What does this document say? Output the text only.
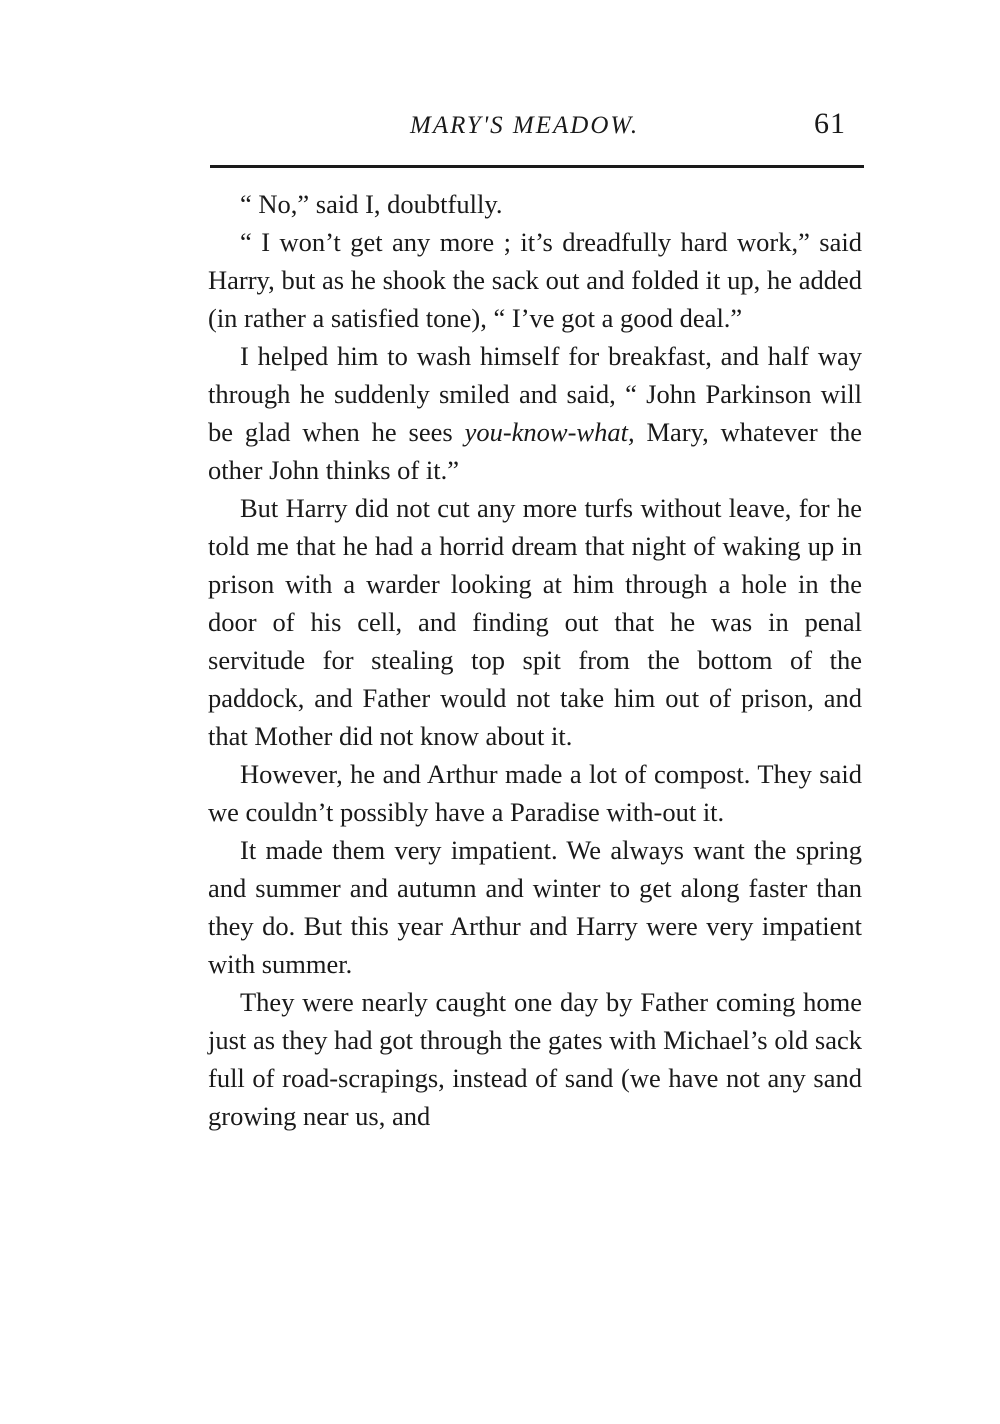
MARY'S MEADOW.	61

“ No,” said I, doubtfully.

“ I won’t get any more ; it’s dreadfully hard work,” said Harry, but as he shook the sack out and folded it up, he added (in rather a satisfied tone), “ I’ve got a good deal.”

I helped him to wash himself for breakfast, and half way through he suddenly smiled and said, “ John Parkinson will be glad when he sees you-know-what, Mary, whatever the other John thinks of it.”

But Harry did not cut any more turfs without leave, for he told me that he had a horrid dream that night of waking up in prison with a warder looking at him through a hole in the door of his cell, and finding out that he was in penal servitude for stealing top spit from the bottom of the paddock, and Father would not take him out of prison, and that Mother did not know about it.

However, he and Arthur made a lot of compost. They said we couldn’t possibly have a Paradise with-out it.

It made them very impatient. We always want the spring and summer and autumn and winter to get along faster than they do. But this year Arthur and Harry were very impatient with summer.

They were nearly caught one day by Father coming home just as they had got through the gates with Michael’s old sack full of road-scrapings, instead of sand (we have not any sand growing near us, and
